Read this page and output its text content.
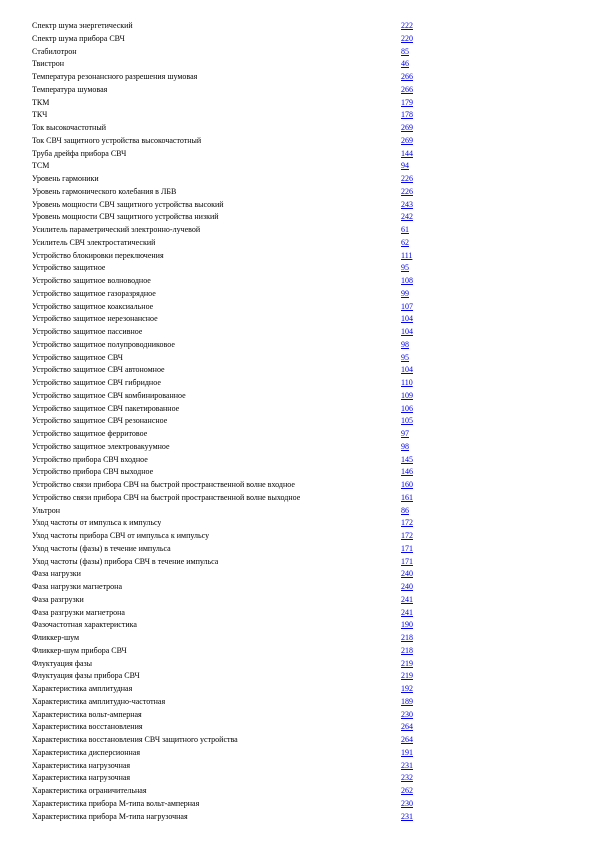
Спектр шума энергетический	222
Спектр шума прибора СВЧ	220
Стабилотрон	85
Твистрон	46
Температура резонансного разрешения шумовая	266
Температура шумовая	266
ТКМ	179
ТКЧ	178
Ток высокочастотный	269
Ток СВЧ защитного устройства высокочастотный	269
Труба дрейфа прибора СВЧ	144
ТСМ	94
Уровень гармоники	226
Уровень гармонического колебания в ЛБВ	226
Уровень мощности СВЧ защитного устройства высокий	243
Уровень мощности СВЧ защитного устройства низкий	242
Усилитель параметрический электронно-лучевой	61
Усилитель СВЧ электростатический	62
Устройство блокировки переключения	111
Устройство защитное	95
Устройство защитное волноводное	108
Устройство защитное газоразрядное	99
Устройство защитное коаксиальное	107
Устройство защитное нерезонансное	104
Устройство защитное пассивное	104
Устройство защитное полупроводниковое	98
Устройство защитное СВЧ	95
Устройство защитное СВЧ автономное	104
Устройство защитное СВЧ гибридное	110
Устройство защитное СВЧ комбинированное	109
Устройство защитное СВЧ пакетированное	106
Устройство защитное СВЧ резонансное	105
Устройство защитное ферритовое	97
Устройство защитное электровакуумное	98
Устройство прибора СВЧ входное	145
Устройство прибора СВЧ выходное	146
Устройство связи прибора СВЧ на быстрой пространственной волне входное	160
Устройство связи прибора СВЧ на быстрой пространственной волне выходное	161
Ультрон	86
Уход частоты от импульса к импульсу	172
Уход частоты прибора СВЧ от импульса к импульсу	172
Уход частоты (фазы) в течение импульса	171
Уход частоты (фазы) прибора СВЧ в течение импульса	171
Фаза нагрузки	240
Фаза нагрузки магнетрона	240
Фаза разгрузки	241
Фаза разгрузки магнетрона	241
Фазочастотная характеристика	190
Фликкер-шум	218
Фликкер-шум прибора СВЧ	218
Флуктуация фазы	219
Флуктуация фазы прибора СВЧ	219
Характеристика амплитудная	192
Характеристика амплитудно-частотная	189
Характеристика вольт-амперная	230
Характеристика восстановления	264
Характеристика восстановления СВЧ защитного устройства	264
Характеристика дисперсионная	191
Характеристика нагрузочная	231
Характеристика нагрузочная	232
Характеристика ограничительная	262
Характеристика прибора М-типа вольт-амперная	230
Характеристика прибора М-типа нагрузочная	231
